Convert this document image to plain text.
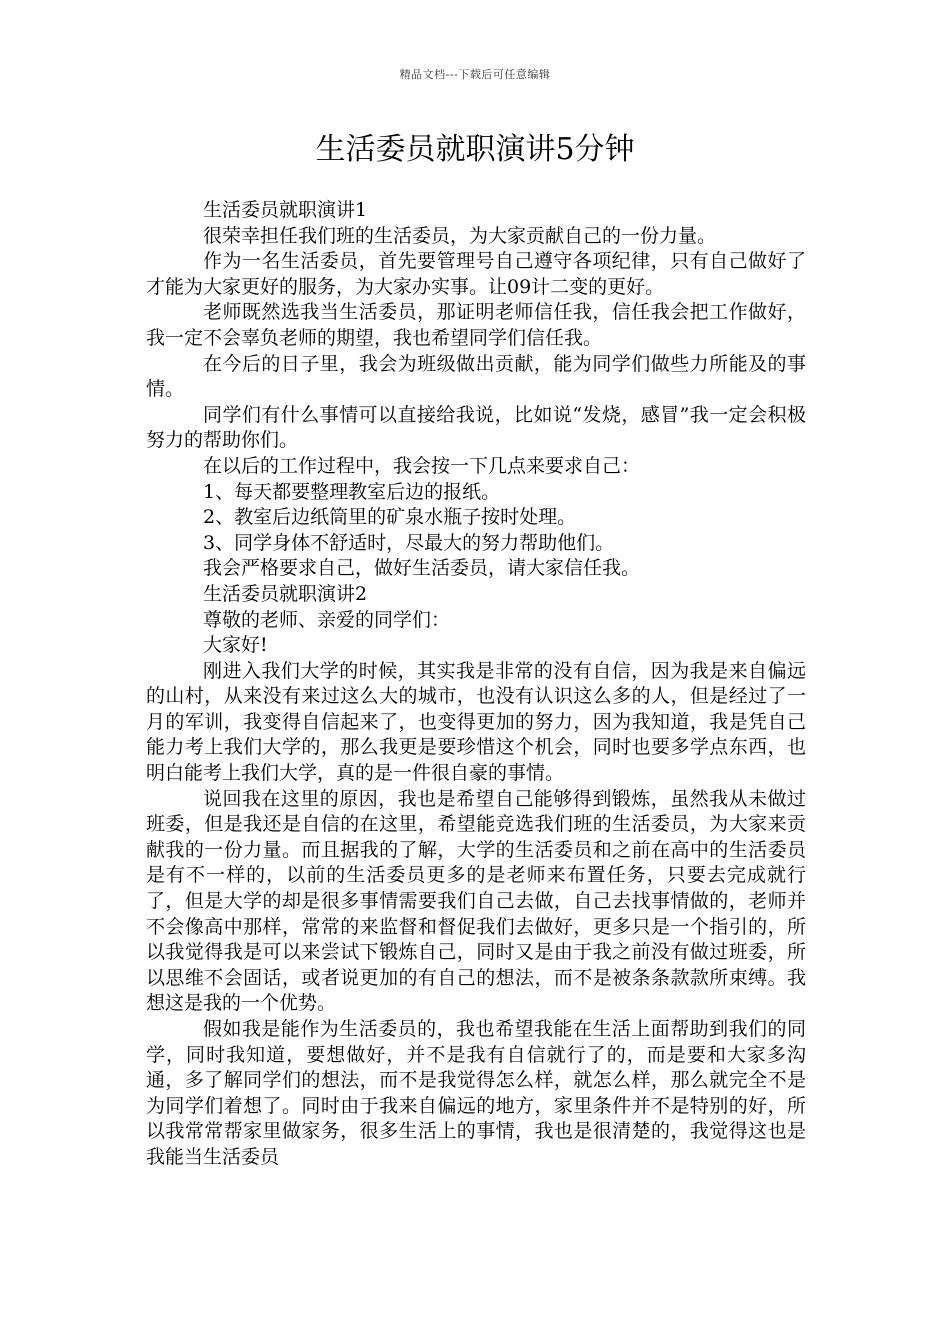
精品文档---下载后可任意编辑
生活委员就职演讲5分钟

生活委员就职演讲1

很荣幸担任我们班的生活委员，为大家贡献自己的一份力量。

作为一名生活委员，首先要管理号自己遵守各项纪律，只有自己做好了才能为大家更好的服务，为大家办实事。让09计二变的更好。

老师既然选我当生活委员，那证明老师信任我，信任我会把工作做好，我一定不会辜负老师的期望，我也希望同学们信任我。

在今后的日子里，我会为班级做出贡献，能为同学们做些力所能及的事情。

同学们有什么事情可以直接给我说，比如说“发烧，感冒”我一定会积极努力的帮助你们。

在以后的工作过程中，我会按一下几点来要求自己：

1、每天都要整理教室后边的报纸。

2、教室后边纸筒里的矿泉水瓶子按时处理。

3、同学身体不舒适时，尽最大的努力帮助他们。

我会严格要求自己，做好生活委员，请大家信任我。

生活委员就职演讲2

尊敬的老师、亲爱的同学们：

大家好!

刚进入我们大学的时候，其实我是非常的没有自信，因为我是来自偏远的山村，从来没有来过这么大的城市，也没有认识这么多的人，但是经过了一月的军训，我变得自信起来了，也变得更加的努力，因为我知道，我是凭自己能力考上我们大学的，那么我更是要珍惜这个机会，同时也要多学点东西，也明白能考上我们大学，真的是一件很自豪的事情。

说回我在这里的原因，我也是希望自己能够得到锻炼，虽然我从未做过班委，但是我还是自信的在这里，希望能竞选我们班的生活委员，为大家来贡献我的一份力量。而且据我的了解，大学的生活委员和之前在高中的生活委员是有不一样的，以前的生活委员更多的是老师来布置任务，只要去完成就行了，但是大学的却是很多事情需要我们自己去做，自己去找事情做的，老师并不会像高中那样，常常的来监督和督促我们去做好，更多只是一个指引的，所以我觉得我是可以来尝试下锻炼自己，同时又是由于我之前没有做过班委，所以思维不会固话，或者说更加的有自己的想法，而不是被条条款款所束缚。我想这是我的一个优势。

假如我是能作为生活委员的，我也希望我能在生活上面帮助到我们的同学，同时我知道，要想做好，并不是我有自信就行了的，而是要和大家多沟通，多了解同学们的想法，而不是我觉得怎么样，就怎么样，那么就完全不是为同学们着想了。同时由于我来自偏远的地方，家里条件并不是特别的好，所以我常常帮家里做家务，很多生活上的事情，我也是很清楚的，我觉得这也是我能当生活委员
